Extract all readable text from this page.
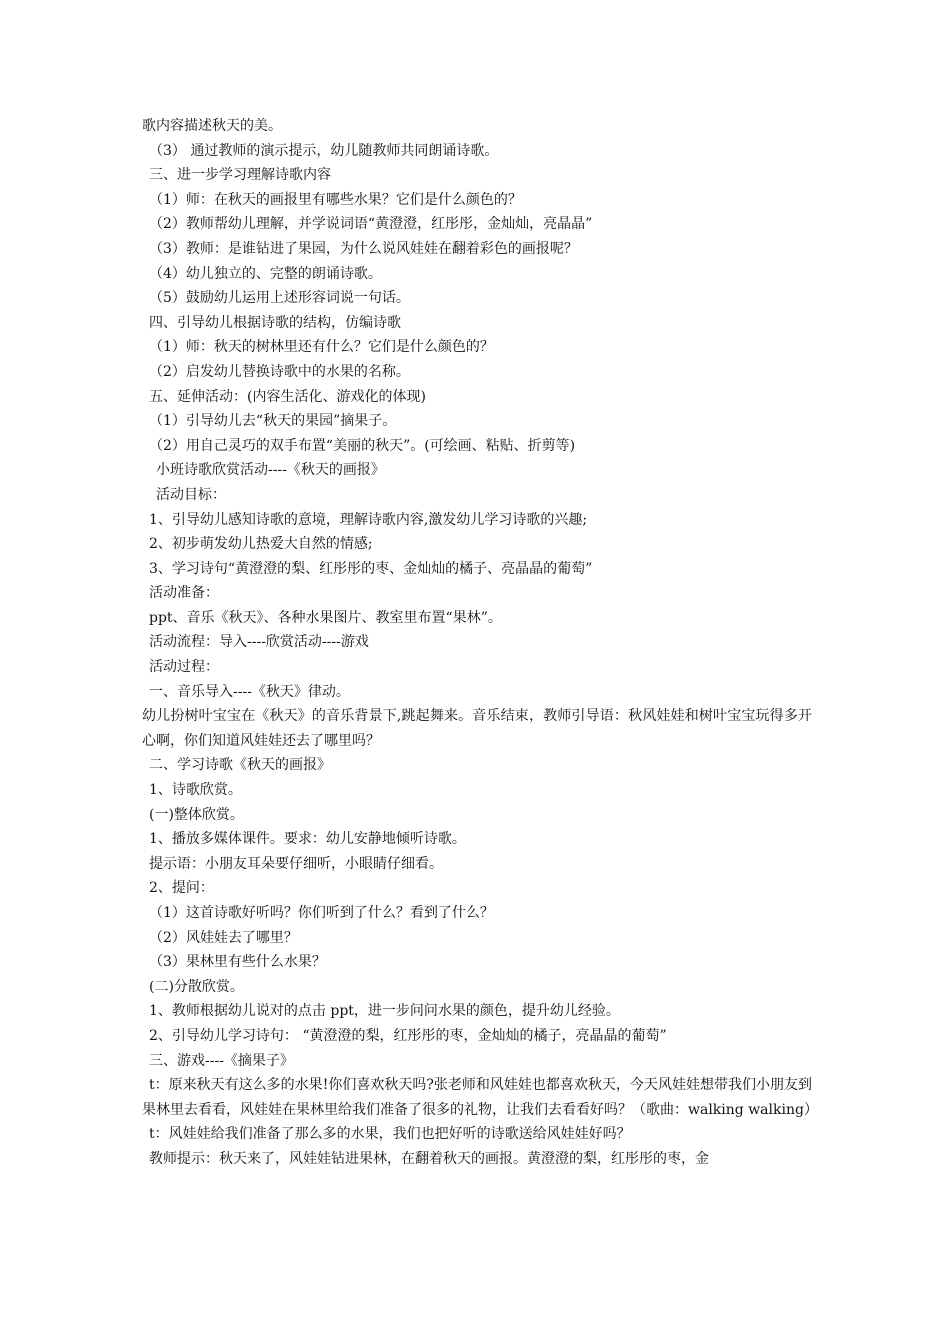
歌内容描述秋天的美。
（3） 通过教师的演示提示，幼儿随教师共同朗诵诗歌。
三、进一步学习理解诗歌内容
（1）师：在秋天的画报里有哪些水果？它们是什么颜色的？
（2）教师帮幼儿理解，并学说词语“黄澄澄，红彤彤，金灿灿，亮晶晶”
（3）教师：是谁钻进了果园，为什么说风娃娃在翻着彩色的画报呢？
（4）幼儿独立的、完整的朗诵诗歌。
（5）鼓励幼儿运用上述形容词说一句话。
四、引导幼儿根据诗歌的结构，仿编诗歌
（1）师：秋天的树林里还有什么？它们是什么颜色的？
（2）启发幼儿替换诗歌中的水果的名称。
五、延伸活动：(内容生活化、游戏化的体现)
（1）引导幼儿去“秋天的果园”摘果子。
（2）用自己灵巧的双手布置“美丽的秋天”。(可绘画、粘贴、折剪等)
小班诗歌欣赏活动----《秋天的画报》
活动目标：
1、引导幼儿感知诗歌的意境，理解诗歌内容,激发幼儿学习诗歌的兴趣;
2、初步萌发幼儿热爱大自然的情感;
3、学习诗句“黄澄澄的梨、红彤彤的枣、金灿灿的橘子、亮晶晶的葡萄”
活动准备：
ppt、音乐《秋天》、各种水果图片、教室里布置“果林”。
活动流程：导入----欣赏活动----游戏
活动过程：
一、音乐导入----《秋天》律动。
幼儿扮树叶宝宝在《秋天》的音乐背景下,跳起舞来。音乐结束，教师引导语：秋风娃娃和树叶宝宝玩得多开心啊，你们知道风娃娃还去了哪里吗？
二、学习诗歌《秋天的画报》
1、诗歌欣赏。
(一)整体欣赏。
1、播放多媒体课件。要求：幼儿安静地倾听诗歌。
提示语：小朋友耳朵要仔细听，小眼睛仔细看。
2、提问：
（1）这首诗歌好听吗？你们听到了什么？看到了什么？
（2）风娃娃去了哪里？
（3）果林里有些什么水果？
(二)分散欣赏。
1、教师根据幼儿说对的点击 ppt，进一步问问水果的颜色，提升幼儿经验。
2、引导幼儿学习诗句： “黄澄澄的梨，红彤彤的枣，金灿灿的橘子，亮晶晶的葡萄”
三、游戏----《摘果子》
t：原来秋天有这么多的水果!你们喜欢秋天吗?张老师和风娃娃也都喜欢秋天，今天风娃娃想带我们小朋友到果林里去看看，风娃娃在果林里给我们准备了很多的礼物，让我们去看看好吗？（歌曲：walking walking）
t：风娃娃给我们准备了那么多的水果，我们也把好听的诗歌送给风娃娃好吗？
教师提示：秋天来了，风娃娃钻进果林，在翻着秋天的画报。黄澄澄的梨，红彤彤的枣，金
